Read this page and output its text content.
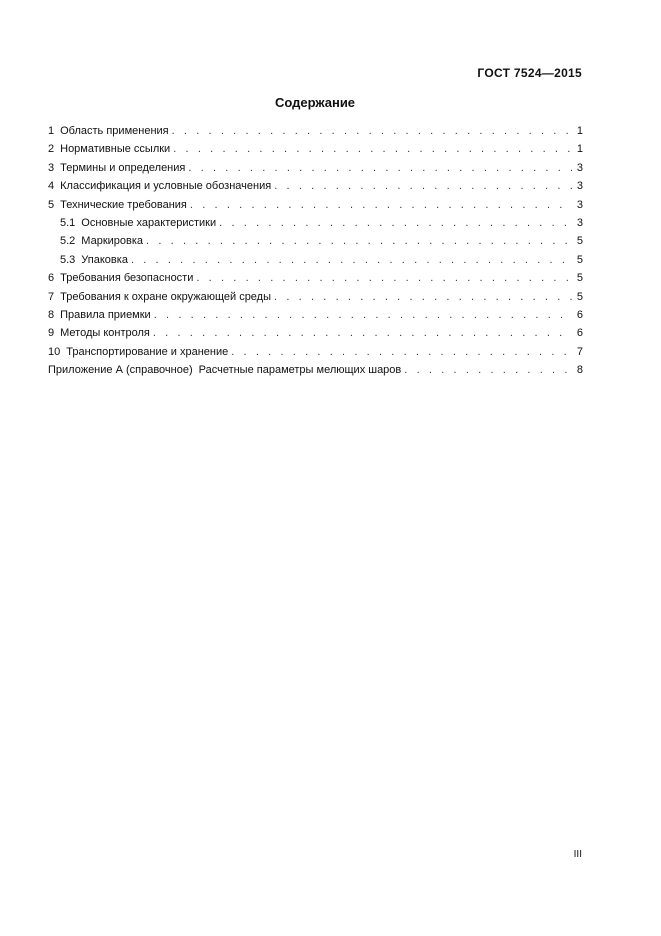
ГОСТ 7524—2015
Содержание
1 Область применения . . .	1
2 Нормативные ссылки . . .	1
3 Термины и определения . . .	3
4 Классификация и условные обозначения . . .	3
5 Технические требования . . .	3
5.1 Основные характеристики . . .	3
5.2 Маркировка . . .	5
5.3 Упаковка . . .	5
6 Требования безопасности . . .	5
7 Требования к охране окружающей среды . . .	5
8 Правила приемки . . .	6
9 Методы контроля . . .	6
10 Транспортирование и хранение . . .	7
Приложение А (справочное) Расчетные параметры мелющих шаров . . .	8
III
